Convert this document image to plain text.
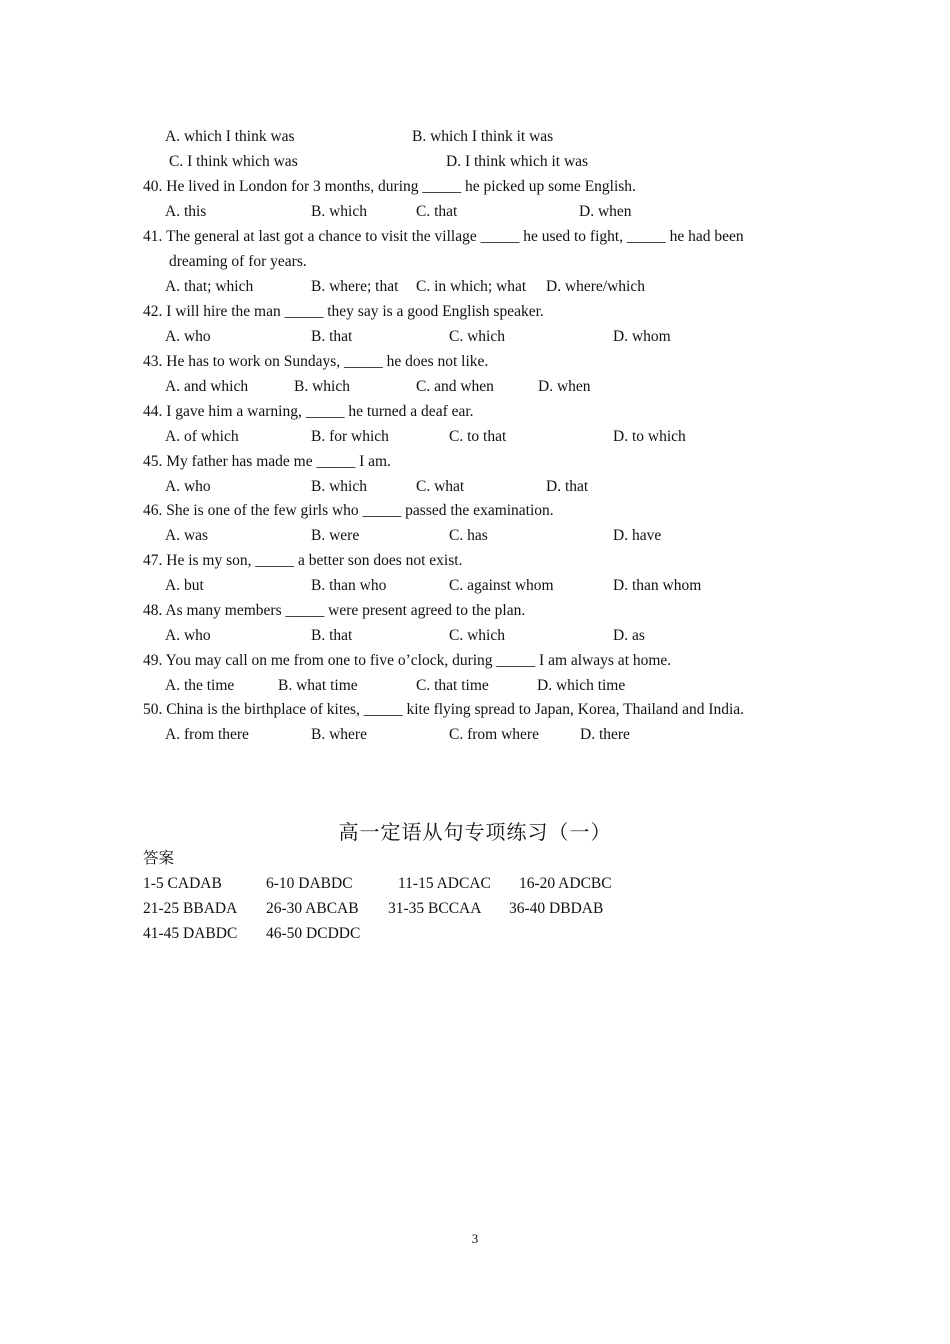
A. which I think was	B. which I think it was
C. I think which was	D. I think which it was
40. He lived in London for 3 months, during _____ he picked up some English.
A. this	B. which	C. that	D. when
41. The general at last got a chance to visit the village _____ he used to fight, _____ he had been
dreaming of for years.
A. that; which	B. where; that C. in which; what D. where/which
42. I will hire the man _____ they say is a good English speaker.
A. who	B. that	C. which	D. whom
43. He has to work on Sundays, _____ he does not like.
A. and which	B. which	C. and when	D. when
44. I gave him a warning, _____ he turned a deaf ear.
A. of which	B. for which	C. to that	D. to which
45. My father has made me _____ I am.
A. who	B. which	C. what	D. that
46. She is one of the few girls who _____ passed the examination.
A. was	B. were	C. has	D. have
47. He is my son, _____ a better son does not exist.
A. but	B. than who	C. against whom	D. than whom
48. As many members _____ were present agreed to the plan.
A. who	B. that	C. which	D. as
49. You may call on me from one to five o’clock, during _____ I am always at home.
A. the time	B. what time	C. that time	D. which time
50. China is the birthplace of kites, _____ kite flying spread to Japan, Korea, Thailand and India.
A. from there	B. where	C. from where	D. there
高一定语从句专项练习（一）
答案
1-5 CADAB	6-10 DABDC	11-15 ADCAC 16-20 ADCBC
21-25 BBADA 26-30 ABCAB 31-35 BCCAA 36-40 DBDAB
41-45 DABDC 46-50 DCDDC
3
